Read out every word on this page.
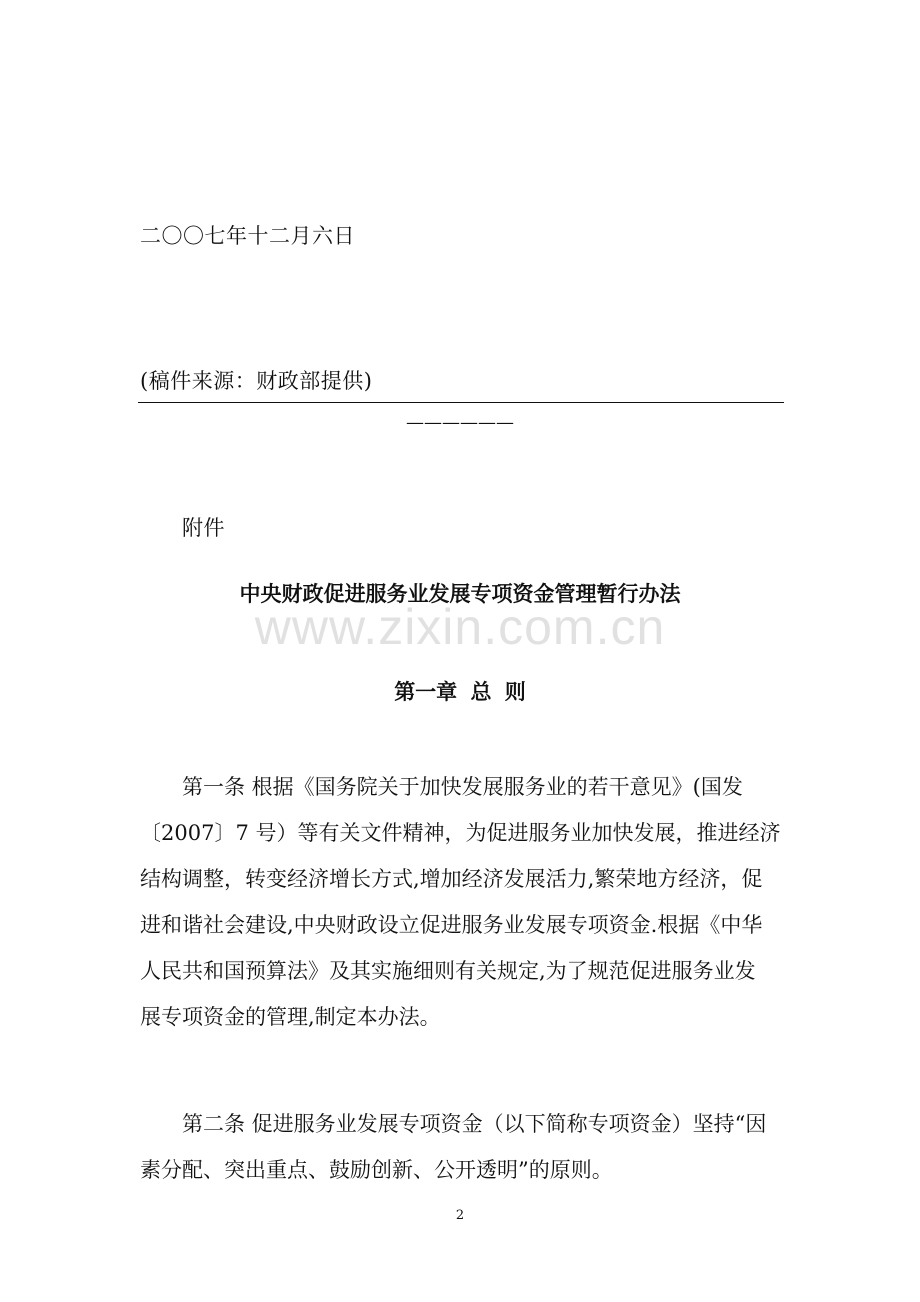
二〇〇七年十二月六日
(稿件来源：财政部提供)
——————
附件
中央财政促进服务业发展专项资金管理暂行办法
www.zixin.com.cn
第一章 总 则
第一条 根据《国务院关于加快发展服务业的若干意见》(国发
〔2007〕7 号）等有关文件精神，为促进服务业加快发展，推进经济
结构调整，转变经济增长方式,增加经济发展活力,繁荣地方经济，促
进和谐社会建设,中央财政设立促进服务业发展专项资金.根据《中华
人民共和国预算法》及其实施细则有关规定,为了规范促进服务业发
展专项资金的管理,制定本办法。
第二条 促进服务业发展专项资金（以下简称专项资金）坚持“因
素分配、突出重点、鼓励创新、公开透明”的原则。
2
